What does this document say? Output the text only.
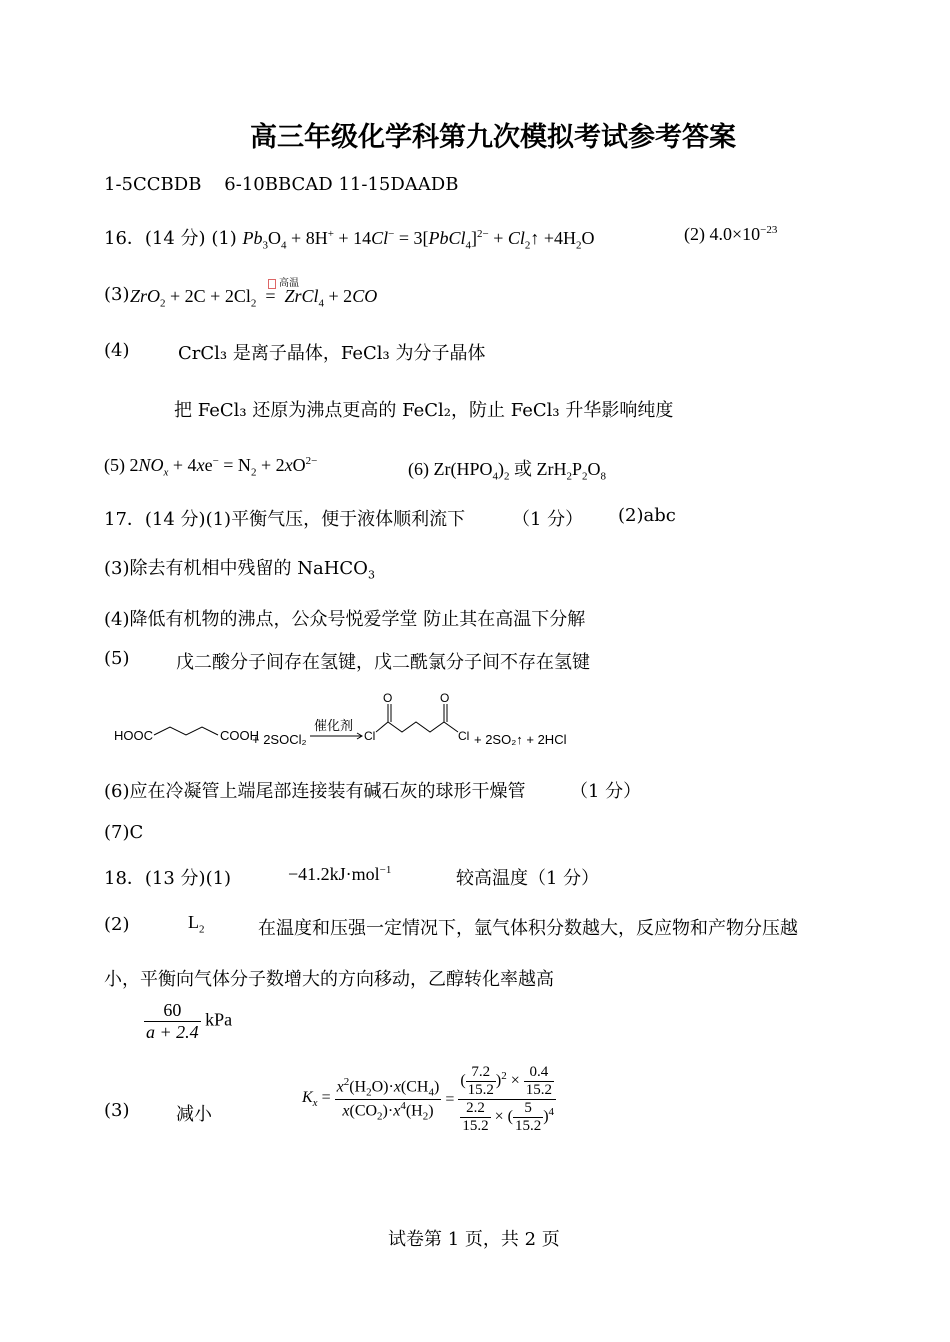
高三年级化学科第九次模拟考试参考答案
1-5CCBDB    6-10BBCAD 11-15DAADB
16．(14 分) (1) $Pb_3O_4 + 8H^+ + 14Cl^-$ = 3[PbCl$_4$]$^{2-}$ + $Cl_2↑ +4H_2O$	(2) $4.0\times 10^{-23}$
(3)
高温
$ZrO_2 + 2C + 2Cl_2$  =  ZrCl$_4$ + 2CO
(4)	CrCl₃ 是离子晶体，FeCl₃ 为分子晶体
把 FeCl₃ 还原为沸点更高的 FeCl₂，防止 FeCl₃ 升华影响纯度
(5) $2NO_x + 4xe^- = N_2 + 2xO^{2-}$	(6) $Zr(HPO_4)_2$ 或 $ZrH_2P_2O_8$
17．(14 分)(1)平衡气压，便于液体顺利流下	（1 分） (2)abc
(3)除去有机相中残留的 NaHCO$_3$
(4)降低有机物的沸点，公众号悦爱学堂 防止其在高温下分解
(5)	戊二酸分子间存在氢键，戊二酰氯分子间不存在氢键
HOOC	COOH
+ 2SOCl₂
催化剂
Cl
O	O
Cl + 2SO₂↑ + 2HCl
(6)应在冷凝管上端尾部连接装有碱石灰的球形干燥管 （1 分）
(7)C
18．(13 分)(1)	−41.2kJ·mol$^{-1}$	较高温度（1 分）
(2)	$L_2$	在温度和压强一定情况下，氩气体积分数越大，反应物和产物分压越
小，平衡向气体分子数增大的方向移动，乙醇转化率越高
$\frac{60}{a + 2.4}$ kPa
(3)	减小
$K_x = \frac{x^2(H_2O)\cdot x(CH_4)}{x(CO_2)\cdot x^4(H_2)} = \frac{( \frac{7.2}{15.2} )^2 \times \frac{0.4}{15.2}}{\frac{2.2}{15.2} \times ( \frac{5}{15.2} )^4}$
试卷第 1 页，共 2 页
